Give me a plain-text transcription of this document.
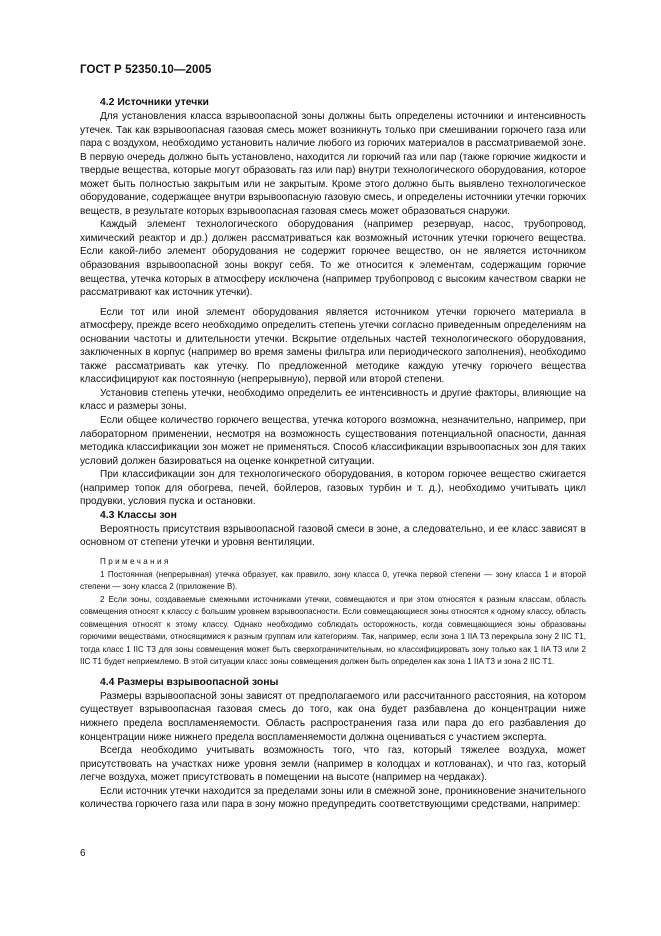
ГОСТ Р 52350.10—2005
4.2 Источники утечки

Для установления класса взрывоопасной зоны должны быть определены источники и интенсивность утечек. Так как взрывоопасная газовая смесь может возникнуть только при смешивании горючего газа или пара с воздухом, необходимо установить наличие любого из горючих материалов в рассматриваемой зоне. В первую очередь должно быть установлено, находится ли горючий газ или пар (также горючие жидкости и твердые вещества, которые могут образовать газ или пар) внутри технологического оборудования, которое может быть полностью закрытым или не закрытым. Кроме этого должно быть выявлено технологическое оборудование, содержащее внутри взрывоопасную газовую смесь, и определены источники утечки горючих веществ, в результате которых взрывоопасная газовая смесь может образоваться снаружи.

Каждый элемент технологического оборудования (например резервуар, насос, трубопровод, химический реактор и др.) должен рассматриваться как возможный источник утечки горючего вещества. Если какой-либо элемент оборудования не содержит горючее вещество, он не является источником образования взрывоопасной зоны вокруг себя. То же относится к элементам, содержащим горючие вещества, утечка которых в атмосферу исключена (например трубопровод с высоким качеством сварки не рассматривают как источник утечки).

Если тот или иной элемент оборудования является источником утечки горючего материала в атмосферу, прежде всего необходимо определить степень утечки согласно приведенным определениям на основании частоты и длительности утечки. Вскрытие отдельных частей технологического оборудования, заключенных в корпус (например во время замены фильтра или периодического заполнения), необходимо также рассматривать как утечку. По предложенной методике каждую утечку горючего вещества классифицируют как постоянную (непрерывную), первой или второй степени.

Установив степень утечки, необходимо определить ее интенсивность и другие факторы, влияющие на класс и размеры зоны.

Если общее количество горючего вещества, утечка которого возможна, незначительно, например, при лабораторном применении, несмотря на возможность существования потенциальной опасности, данная методика классификации зон может не применяться. Способ классификации взрывоопасных зон для таких условий должен базироваться на оценке конкретной ситуации.

При классификации зон для технологического оборудования, в котором горючее вещество сжигается (например топок для обогрева, печей, бойлеров, газовых турбин и т. д.), необходимо учитывать цикл продувки, условия пуска и остановки.

4.3 Классы зон

Вероятность присутствия взрывоопасной газовой смеси в зоне, а следовательно, и ее класс зависят в основном от степени утечки и уровня вентиляции.

Примечания

1 Постоянная (непрерывная) утечка образует, как правило, зону класса 0, утечка первой степени — зону класса 1 и второй степени — зону класса 2 (приложение В).

2 Если зоны, создаваемые смежными источниками утечки, совмещаются и при этом относятся к разным классам, область совмещения относят к классу с большим уровнем взрывоопасности. Если совмещающиеся зоны относятся к одному классу, область совмещения относят к этому классу. Однако необходимо соблюдать осторожность, когда совмещающиеся зоны образованы горючими веществами, относящимися к разным группам или категориям. Так, например, если зона 1 IIA T3 перекрыла зону 2 IIC T1, тогда класс 1 IIC T3 для зоны совмещения может быть сверхограничительным, но классифицировать зону только как 1 IIA T3 или 2 IIC T1 будет неприемлемо. В этой ситуации класс зоны совмещения должен быть определен как зона 1 IIA T3 и зона 2 IIC T1.

4.4 Размеры взрывоопасной зоны

Размеры взрывоопасной зоны зависят от предполагаемого или рассчитанного расстояния, на котором существует взрывоопасная газовая смесь до того, как она будет разбавлена до концентрации ниже нижнего предела воспламеняемости. Область распространения газа или пара до его разбавления до концентрации ниже нижнего предела воспламеняемости должна оцениваться с участием эксперта.

Всегда необходимо учитывать возможность того, что газ, который тяжелее воздуха, может присутствовать на участках ниже уровня земли (например в колодцах и котлованах), и что газ, который легче воздуха, может присутствовать в помещении на высоте (например на чердаках).

Если источник утечки находится за пределами зоны или в смежной зоне, проникновение значительного количества горючего газа или пара в зону можно предупредить соответствующими средствами, например:

6
